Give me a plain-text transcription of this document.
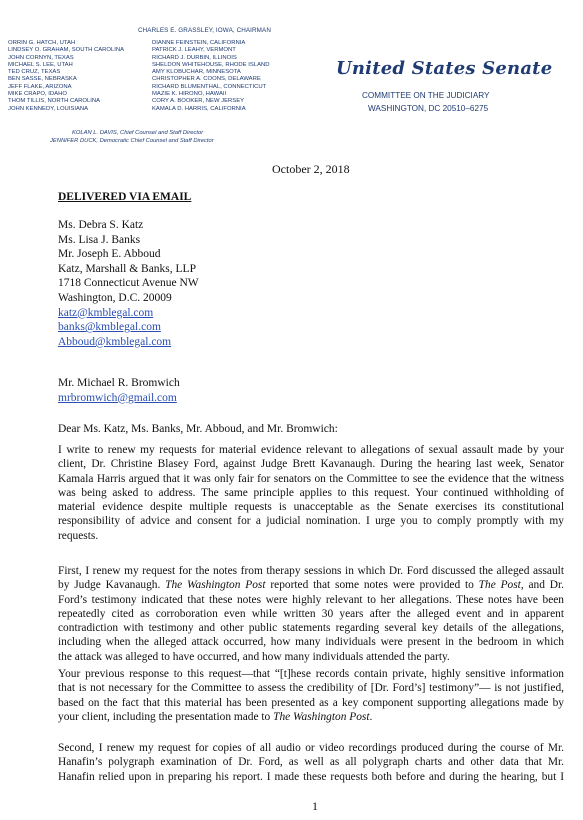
CHARLES E. GRASSLEY, IOWA, CHAIRMAN
ORRIN G. HATCH, UTAH
LINDSEY O. GRAHAM, SOUTH CAROLINA
JOHN CORNYN, TEXAS
MICHAEL S. LEE, UTAH
TED CRUZ, TEXAS
BEN SASSE, NEBRASKA
JEFF FLAKE, ARIZONA
MIKE CRAPO, IDAHO
THOM TILLIS, NORTH CAROLINA
JOHN KENNEDY, LOUISIANA
DIANNE FEINSTEIN, CALIFORNIA
PATRICK J. LEAHY, VERMONT
RICHARD J. DURBIN, ILLINOIS
SHELDON WHITEHOUSE, RHODE ISLAND
AMY KLOBUCHAR, MINNESOTA
CHRISTOPHER A. COONS, DELAWARE
RICHARD BLUMENTHAL, CONNECTICUT
MAZIE K. HIRONO, HAWAII
CORY A. BOOKER, NEW JERSEY
KAMALA D. HARRIS, CALIFORNIA
United States Senate
COMMITTEE ON THE JUDICIARY
WASHINGTON, DC 20510–6275
KOLAN L. DAVIS, Chief Counsel and Staff Director
JENNIFER DUCK, Democratic Chief Counsel and Staff Director
October 2, 2018
DELIVERED VIA EMAIL
Ms. Debra S. Katz
Ms. Lisa J. Banks
Mr. Joseph E. Abboud
Katz, Marshall & Banks, LLP
1718 Connecticut Avenue NW
Washington, D.C. 20009
katz@kmblegal.com
banks@kmblegal.com
Abboud@kmblegal.com
Mr. Michael R. Bromwich
mrbromwich@gmail.com
Dear Ms. Katz, Ms. Banks, Mr. Abboud, and Mr. Bromwich:
I write to renew my requests for material evidence relevant to allegations of sexual assault made by your
client, Dr. Christine Blasey Ford, against Judge Brett Kavanaugh. During the hearing last week, Senator
Kamala Harris argued that it was only fair for senators on the Committee to see the evidence that the witness
was being asked to address. The same principle applies to this request. Your continued withholding of
material evidence despite multiple requests is unacceptable as the Senate exercises its constitutional
responsibility of advice and consent for a judicial nomination. I urge you to comply promptly with my
requests.
First, I renew my request for the notes from therapy sessions in which Dr. Ford discussed the alleged assault
by Judge Kavanaugh. The Washington Post reported that some notes were provided to The Post, and Dr.
Ford’s testimony indicated that these notes were highly relevant to her allegations. These notes have been
repeatedly cited as corroboration even while written 30 years after the alleged event and in apparent
contradiction with testimony and other public statements regarding several key details of the allegations,
including when the alleged attack occurred, how many individuals were present in the bedroom in which
the attack was alleged to have occurred, and how many individuals attended the party.
Your previous response to this request—that “[t]hese records contain private, highly sensitive information
that is not necessary for the Committee to assess the credibility of [Dr. Ford’s] testimony”— is not justified,
based on the fact that this material has been presented as a key component supporting allegations made by
your client, including the presentation made to The Washington Post.
Second, I renew my request for copies of all audio or video recordings produced during the course of Mr.
Hanafin’s polygraph examination of Dr. Ford, as well as all polygraph charts and other data that Mr.
Hanafin relied upon in preparing his report. I made these requests both before and during the hearing, but I
1
